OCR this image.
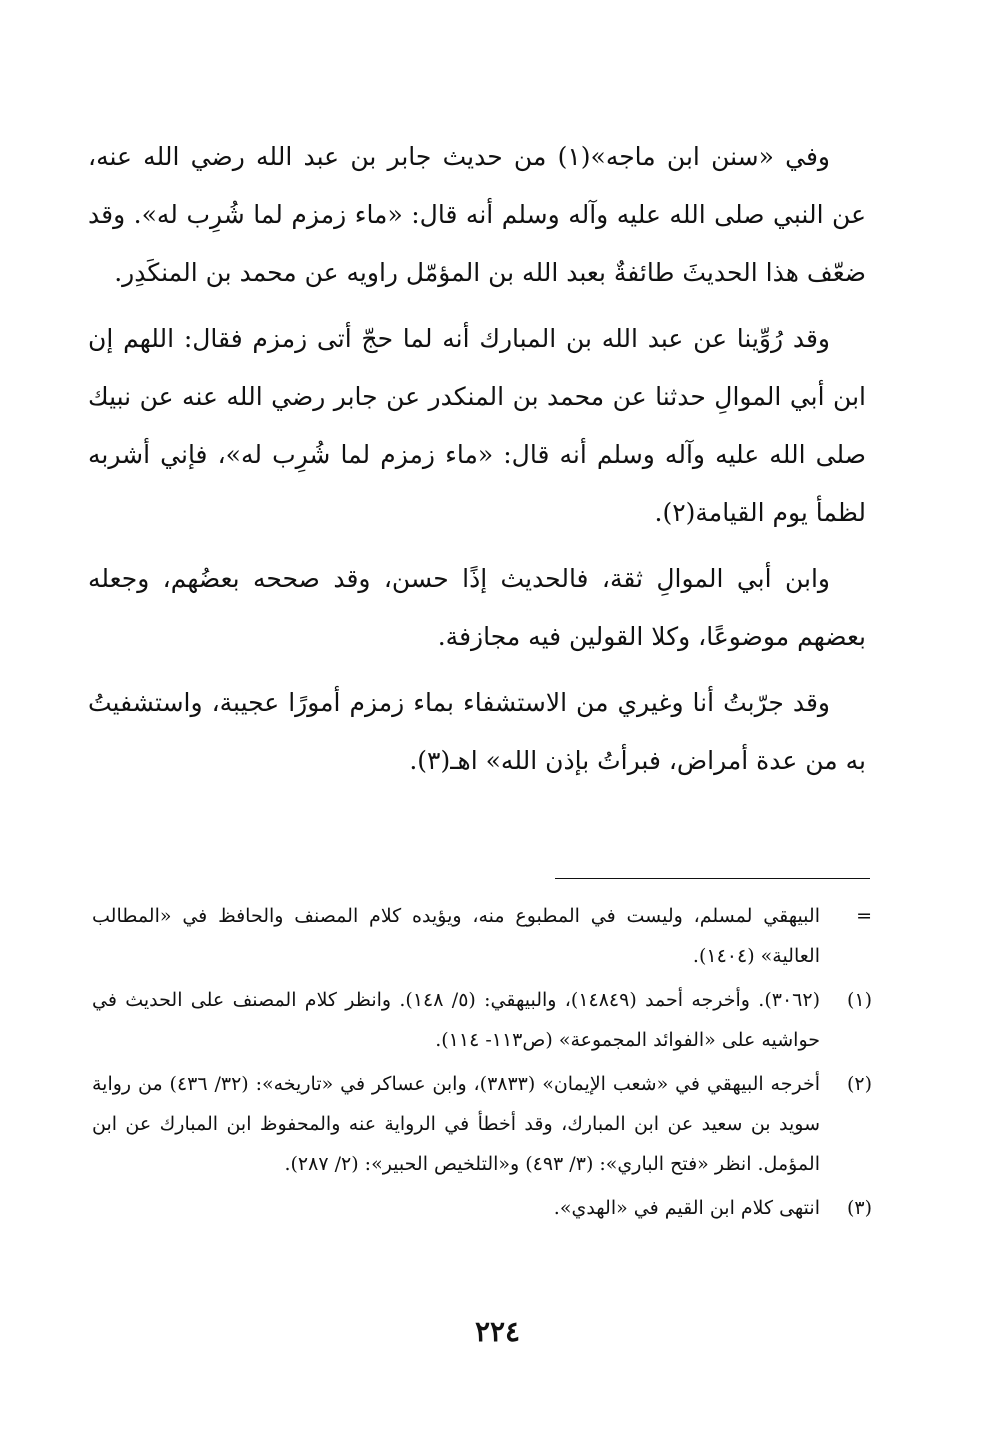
وفي «سنن ابن ماجه»(١) من حديث جابر بن عبد الله رضي الله عنه، عن النبي صلى الله عليه وآله وسلم أنه قال: «ماء زمزم لما شُرِب له». وقد ضعّف هذا الحديثَ طائفةٌ بعبد الله بن المؤمّل راويه عن محمد بن المنكَدِر.

وقد رُوِّينا عن عبد الله بن المبارك أنه لما حجّ أتى زمزم فقال: اللهم إن ابن أبي الموالِ حدثنا عن محمد بن المنكدر عن جابر رضي الله عنه عن نبيك صلى الله عليه وآله وسلم أنه قال: «ماء زمزم لما شُرِب له»، فإني أشربه لظمأ يوم القيامة(٢).

وابن أبي الموالِ ثقة، فالحديث إذًا حسن، وقد صححه بعضُهم، وجعله بعضهم موضوعًا، وكلا القولين فيه مجازفة.

وقد جرّبتُ أنا وغيري من الاستشفاء بماء زمزم أمورًا عجيبة، واستشفيتُ به من عدة أمراض، فبرأتُ بإذن الله» اهـ(٣).

=
البيهقي لمسلم، وليست في المطبوع منه، ويؤيده كلام المصنف والحافظ في «المطالب العالية» (١٤٠٤).
(١)
(٣٠٦٢). وأخرجه أحمد (١٤٨٤٩)، والبيهقي: (٥/ ١٤٨). وانظر كلام المصنف على الحديث في حواشيه على «الفوائد المجموعة» (ص١١٣- ١١٤).
(٢)
أخرجه البيهقي في «شعب الإيمان» (٣٨٣٣)، وابن عساكر في «تاريخه»: (٣٢/ ٤٣٦) من رواية سويد بن سعيد عن ابن المبارك، وقد أخطأ في الرواية عنه والمحفوظ ابن المبارك عن ابن المؤمل. انظر «فتح الباري»: (٣/ ٤٩٣) و«التلخيص الحبير»: (٢/ ٢٨٧).
(٣)
انتهى كلام ابن القيم في «الهدي».
٢٢٤
